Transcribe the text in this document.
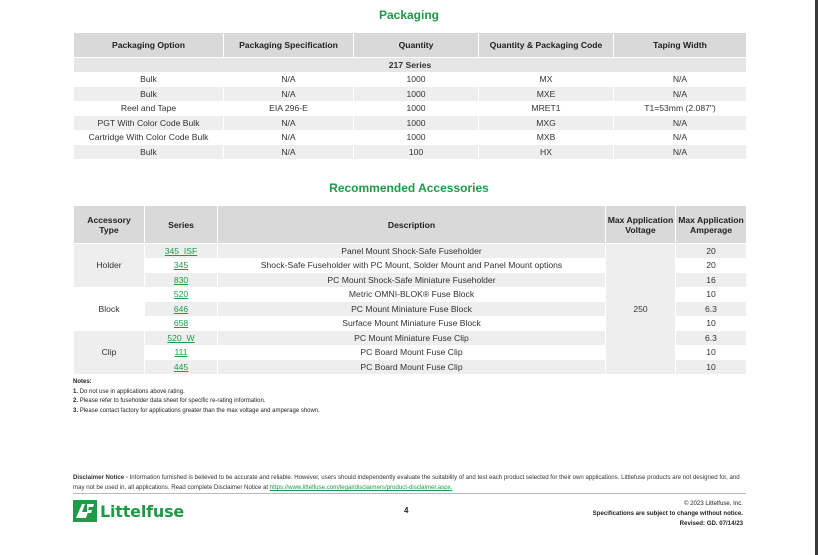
Packaging
Packaging Option	Packaging Specification	Quantity	Quantity & Packaging Code	Taping Width
217 Series				
Bulk	N/A	1000	MX	N/A
Bulk	N/A	1000	MXE	N/A
Reel and Tape	EIA 296-E	1000	MRET1	T1=53mm (2.087")
PGT With Color Code Bulk	N/A	1000	MXG	N/A
Cartridge With Color Code Bulk	N/A	1000	MXB	N/A
Bulk	N/A	100	HX	N/A
Recommended Accessories
Accessory Type	Series	Description	Max Application Voltage	Max Application Amperage
Holder	345_ISF	Panel Mount Shock-Safe Fuseholder	250	20
	345	Shock-Safe Fuseholder with PC Mount, Solder Mount and Panel Mount options		20
	830	PC Mount Shock-Safe Miniature Fuseholder		16
Block	520	Metric OMNI-BLOK® Fuse Block		10
	646	PC Mount Miniature Fuse Block		6.3
	658	Surface Mount Miniature Fuse Block		10
Clip	520_W	PC Mount Miniature Fuse Clip		6.3
	111	PC Board Mount Fuse Clip		10
	445	PC Board Mount Fuse Clip		10
Notes:
1. Do not use in applications above rating.
2. Please refer to fuseholder data sheet for specific re-rating information.
3. Please contact factory for applications greater than the max voltage and amperage shown.
Disclaimer Notice - Information furnished is believed to be accurate and reliable. However, users should independently evaluate the suitability of and test each product selected for their own applications. Littlefuse products are not designed for, and may not be used in, all applications. Read complete Disclaimer Notice at https://www.littelfuse.com/legal/disclaimers/product-disclaimer.aspx.
Littelfuse	4
© 2023 Littelfuse, Inc.
Specifications are subject to change without notice.
Revised: GD. 07/14/23
